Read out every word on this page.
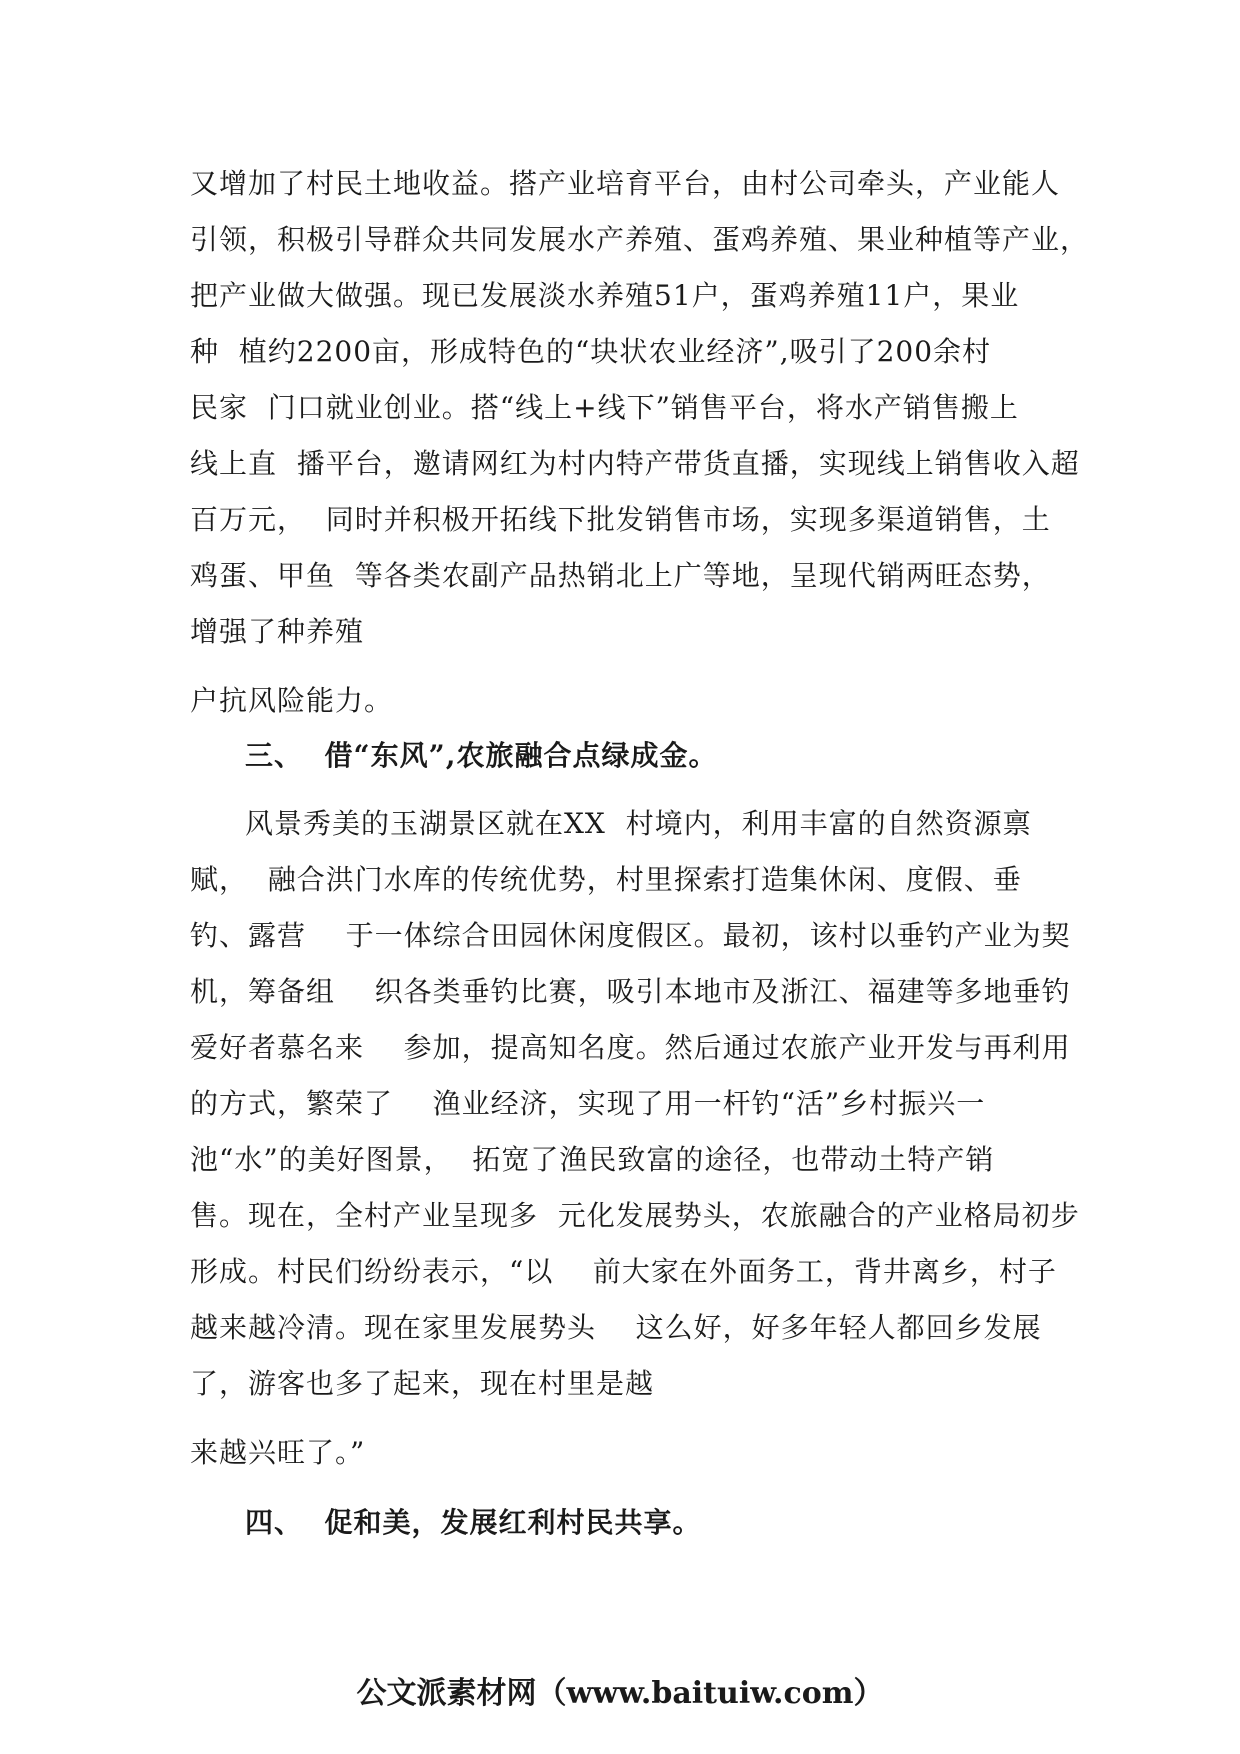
又增加了村民土地收益。搭产业培育平台，由村公司牵头，产业能人
引领，积极引导群众共同发展水产养殖、蛋鸡养殖、果业种植等产业，
把产业做大做强。现已发展淡水养殖51户，蛋鸡养殖11户，果业
种  植约2200亩，形成特色的“块状农业经济”,吸引了200余村
民家  门口就业创业。搭“线上+线下”销售平台，将水产销售搬上
线上直  播平台，邀请网红为村内特产带货直播，实现线上销售收入超
百万元，  同时并积极开拓线下批发销售市场，实现多渠道销售，土
鸡蛋、甲鱼  等各类农副产品热销北上广等地，呈现代销两旺态势，
增强了种养殖
户抗风险能力。
三、  借“东风”,农旅融合点绿成金。
风景秀美的玉湖景区就在XX  村境内，利用丰富的自然资源禀
赋，  融合洪门水库的传统优势，村里探索打造集休闲、度假、垂
钓、露营    于一体综合田园休闲度假区。最初，该村以垂钓产业为契
机，筹备组    织各类垂钓比赛，吸引本地市及浙江、福建等多地垂钓
爱好者慕名来    参加，提高知名度。然后通过农旅产业开发与再利用
的方式，繁荣了    渔业经济，实现了用一杆钓“活”乡村振兴一
池“水”的美好图景，  拓宽了渔民致富的途径，也带动土特产销
售。现在，全村产业呈现多  元化发展势头，农旅融合的产业格局初步
形成。村民们纷纷表示，“以    前大家在外面务工，背井离乡，村子
越来越冷清。现在家里发展势头    这么好，好多年轻人都回乡发展
了，游客也多了起来，现在村里是越
来越兴旺了。”
四、  促和美，发展红利村民共享。
公文派素材网（www.baituiw.com）
